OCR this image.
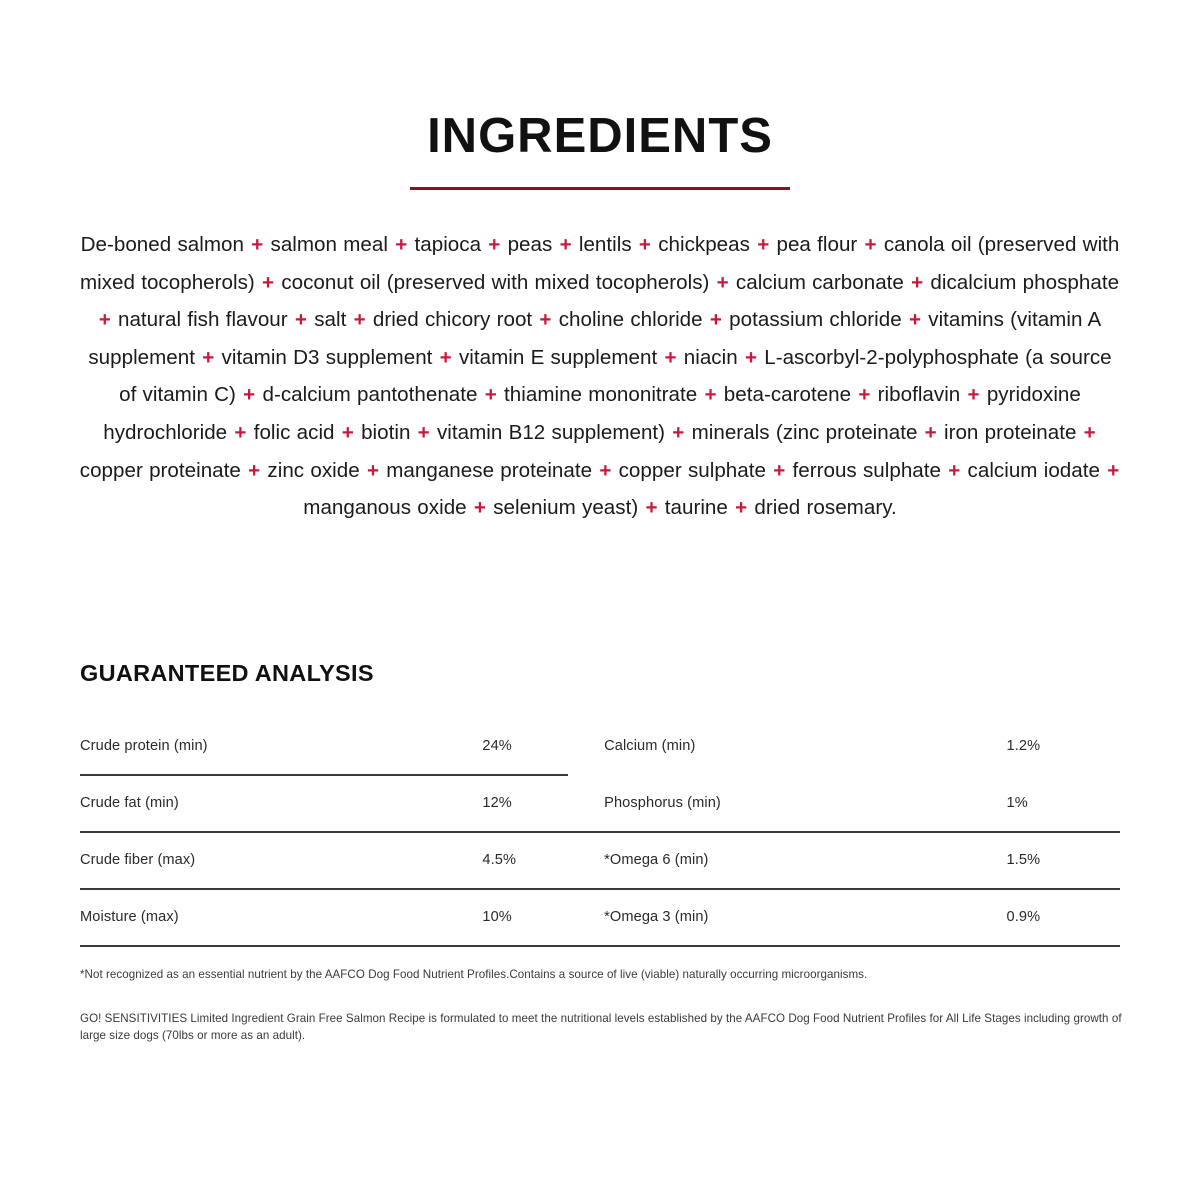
INGREDIENTS
De-boned salmon + salmon meal + tapioca + peas + lentils + chickpeas + pea flour + canola oil (preserved with mixed tocopherols) + coconut oil (preserved with mixed tocopherols) + calcium carbonate + dicalcium phosphate + natural fish flavour + salt + dried chicory root + choline chloride + potassium chloride + vitamins (vitamin A supplement + vitamin D3 supplement + vitamin E supplement + niacin + L-ascorbyl-2-polyphosphate (a source of vitamin C) + d-calcium pantothenate + thiamine mononitrate + beta-carotene + riboflavin + pyridoxine hydrochloride + folic acid + biotin + vitamin B12 supplement) + minerals (zinc proteinate + iron proteinate + copper proteinate + zinc oxide + manganese proteinate + copper sulphate + ferrous sulphate + calcium iodate + manganous oxide + selenium yeast) + taurine + dried rosemary.
GUARANTEED ANALYSIS
Crude protein (min)	24%		Calcium (min)	1.2%

Crude fat (min)	12%		Phosphorus (min)	1%

Crude fiber (max)	4.5%		*Omega 6 (min)	1.5%

Moisture (max)	10%		*Omega 3 (min)	0.9%

*Not recognized as an essential nutrient by the AAFCO Dog Food Nutrient Profiles.Contains a source of live (viable) naturally occurring microorganisms.

GO! SENSITIVITIES Limited Ingredient Grain Free Salmon Recipe is formulated to meet the nutritional levels established by the AAFCO Dog Food Nutrient Profiles for All Life Stages including growth of large size dogs (70lbs or more as an adult).
